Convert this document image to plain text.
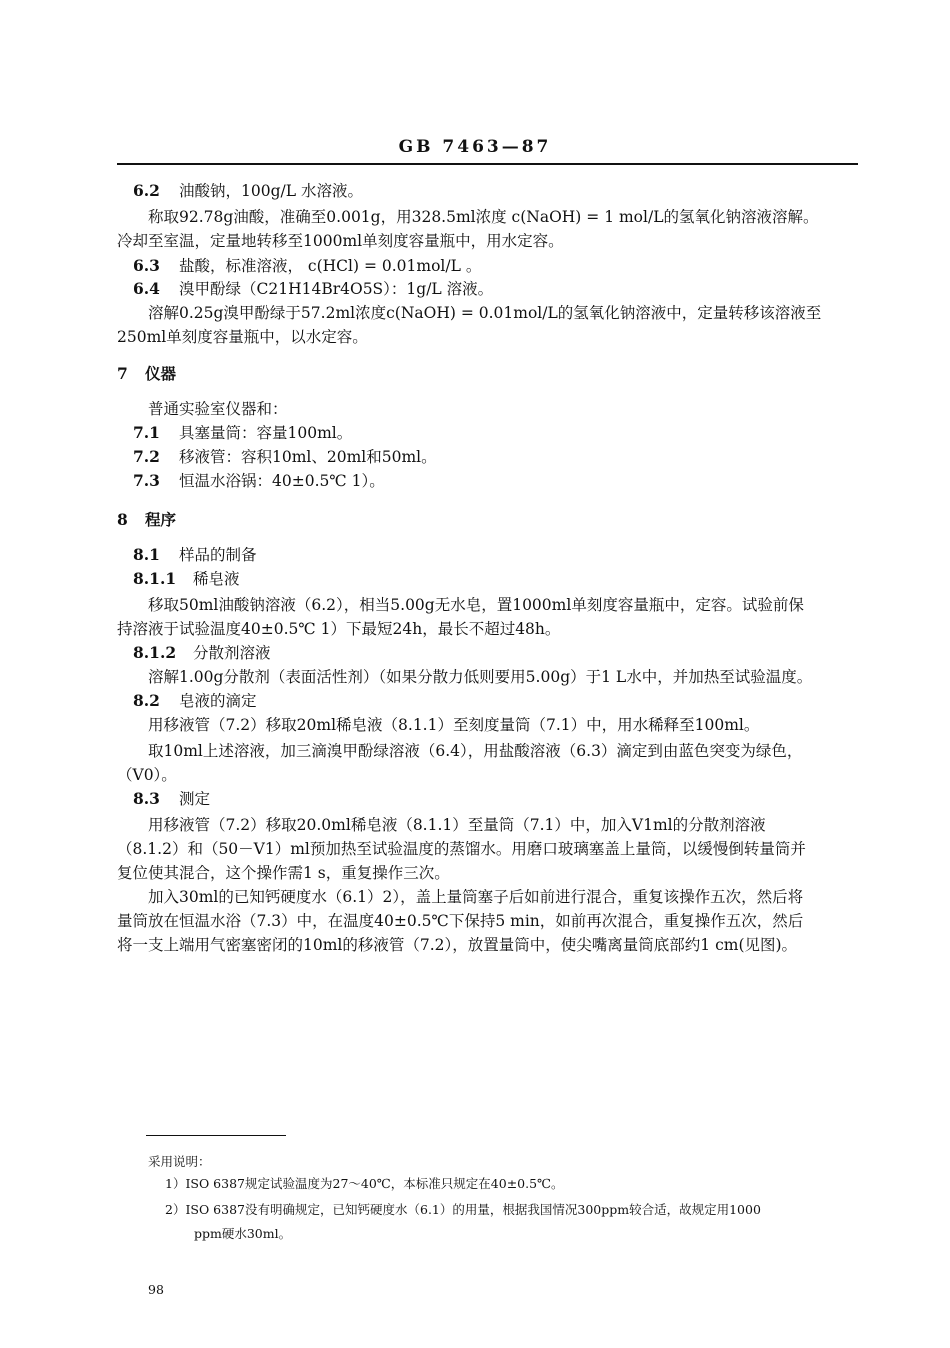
GB 7463—87
6.2 油酸钠，100g/L 水溶液。
称取92.78g油酸，准确至0.001g，用328.5ml浓度 c(NaOH) = 1 mol/L的氢氧化钠溶液溶解。
冷却至室温，定量地转移至1000ml单刻度容量瓶中，用水定容。
6.3 盐酸，标准溶液， c(HCl) = 0.01mol/L 。
6.4 溴甲酚绿（C21H14Br4O5S）：1g/L 溶液。
溶解0.25g溴甲酚绿于57.2ml浓度c(NaOH) = 0.01mol/L的氢氧化钠溶液中，定量转移该溶液至
250ml单刻度容量瓶中，以水定容。
7 仪器
普通实验室仪器和：
7.1 具塞量筒：容量100ml。
7.2 移液管：容积10ml、20ml和50ml。
7.3 恒温水浴锅：40±0.5℃ 1）。
8 程序
8.1 样品的制备
8.1.1 稀皂液
移取50ml油酸钠溶液（6.2），相当5.00g无水皂，置1000ml单刻度容量瓶中，定容。试验前保
持溶液于试验温度40±0.5℃ 1）下最短24h，最长不超过48h。
8.1.2 分散剂溶液
溶解1.00g分散剂（表面活性剂）（如果分散力低则要用5.00g）于1 L水中，并加热至试验温度。
8.2 皂液的滴定
用移液管（7.2）移取20ml稀皂液（8.1.1）至刻度量筒（7.1）中，用水稀释至100ml。
取10ml上述溶液，加三滴溴甲酚绿溶液（6.4），用盐酸溶液（6.3）滴定到由蓝色突变为绿色，
（V0）。
8.3 测定
用移液管（7.2）移取20.0ml稀皂液（8.1.1）至量筒（7.1）中，加入V1ml的分散剂溶液
（8.1.2）和（50－V1）ml预加热至试验温度的蒸馏水。用磨口玻璃塞盖上量筒，以缓慢倒转量筒并
复位使其混合，这个操作需1 s，重复操作三次。
加入30ml的已知钙硬度水（6.1）2），盖上量筒塞子后如前进行混合，重复该操作五次，然后将
量筒放在恒温水浴（7.3）中，在温度40±0.5℃下保持5 min，如前再次混合，重复操作五次，然后
将一支上端用气密塞密闭的10ml的移液管（7.2），放置量筒中，使尖嘴离量筒底部约1 cm(见图)。
采用说明：
1）ISO 6387规定试验温度为27～40℃，本标准只规定在40±0.5℃。
2）ISO 6387没有明确规定，已知钙硬度水（6.1）的用量，根据我国情况300ppm较合适，故规定用1000
ppm硬水30ml。
98
